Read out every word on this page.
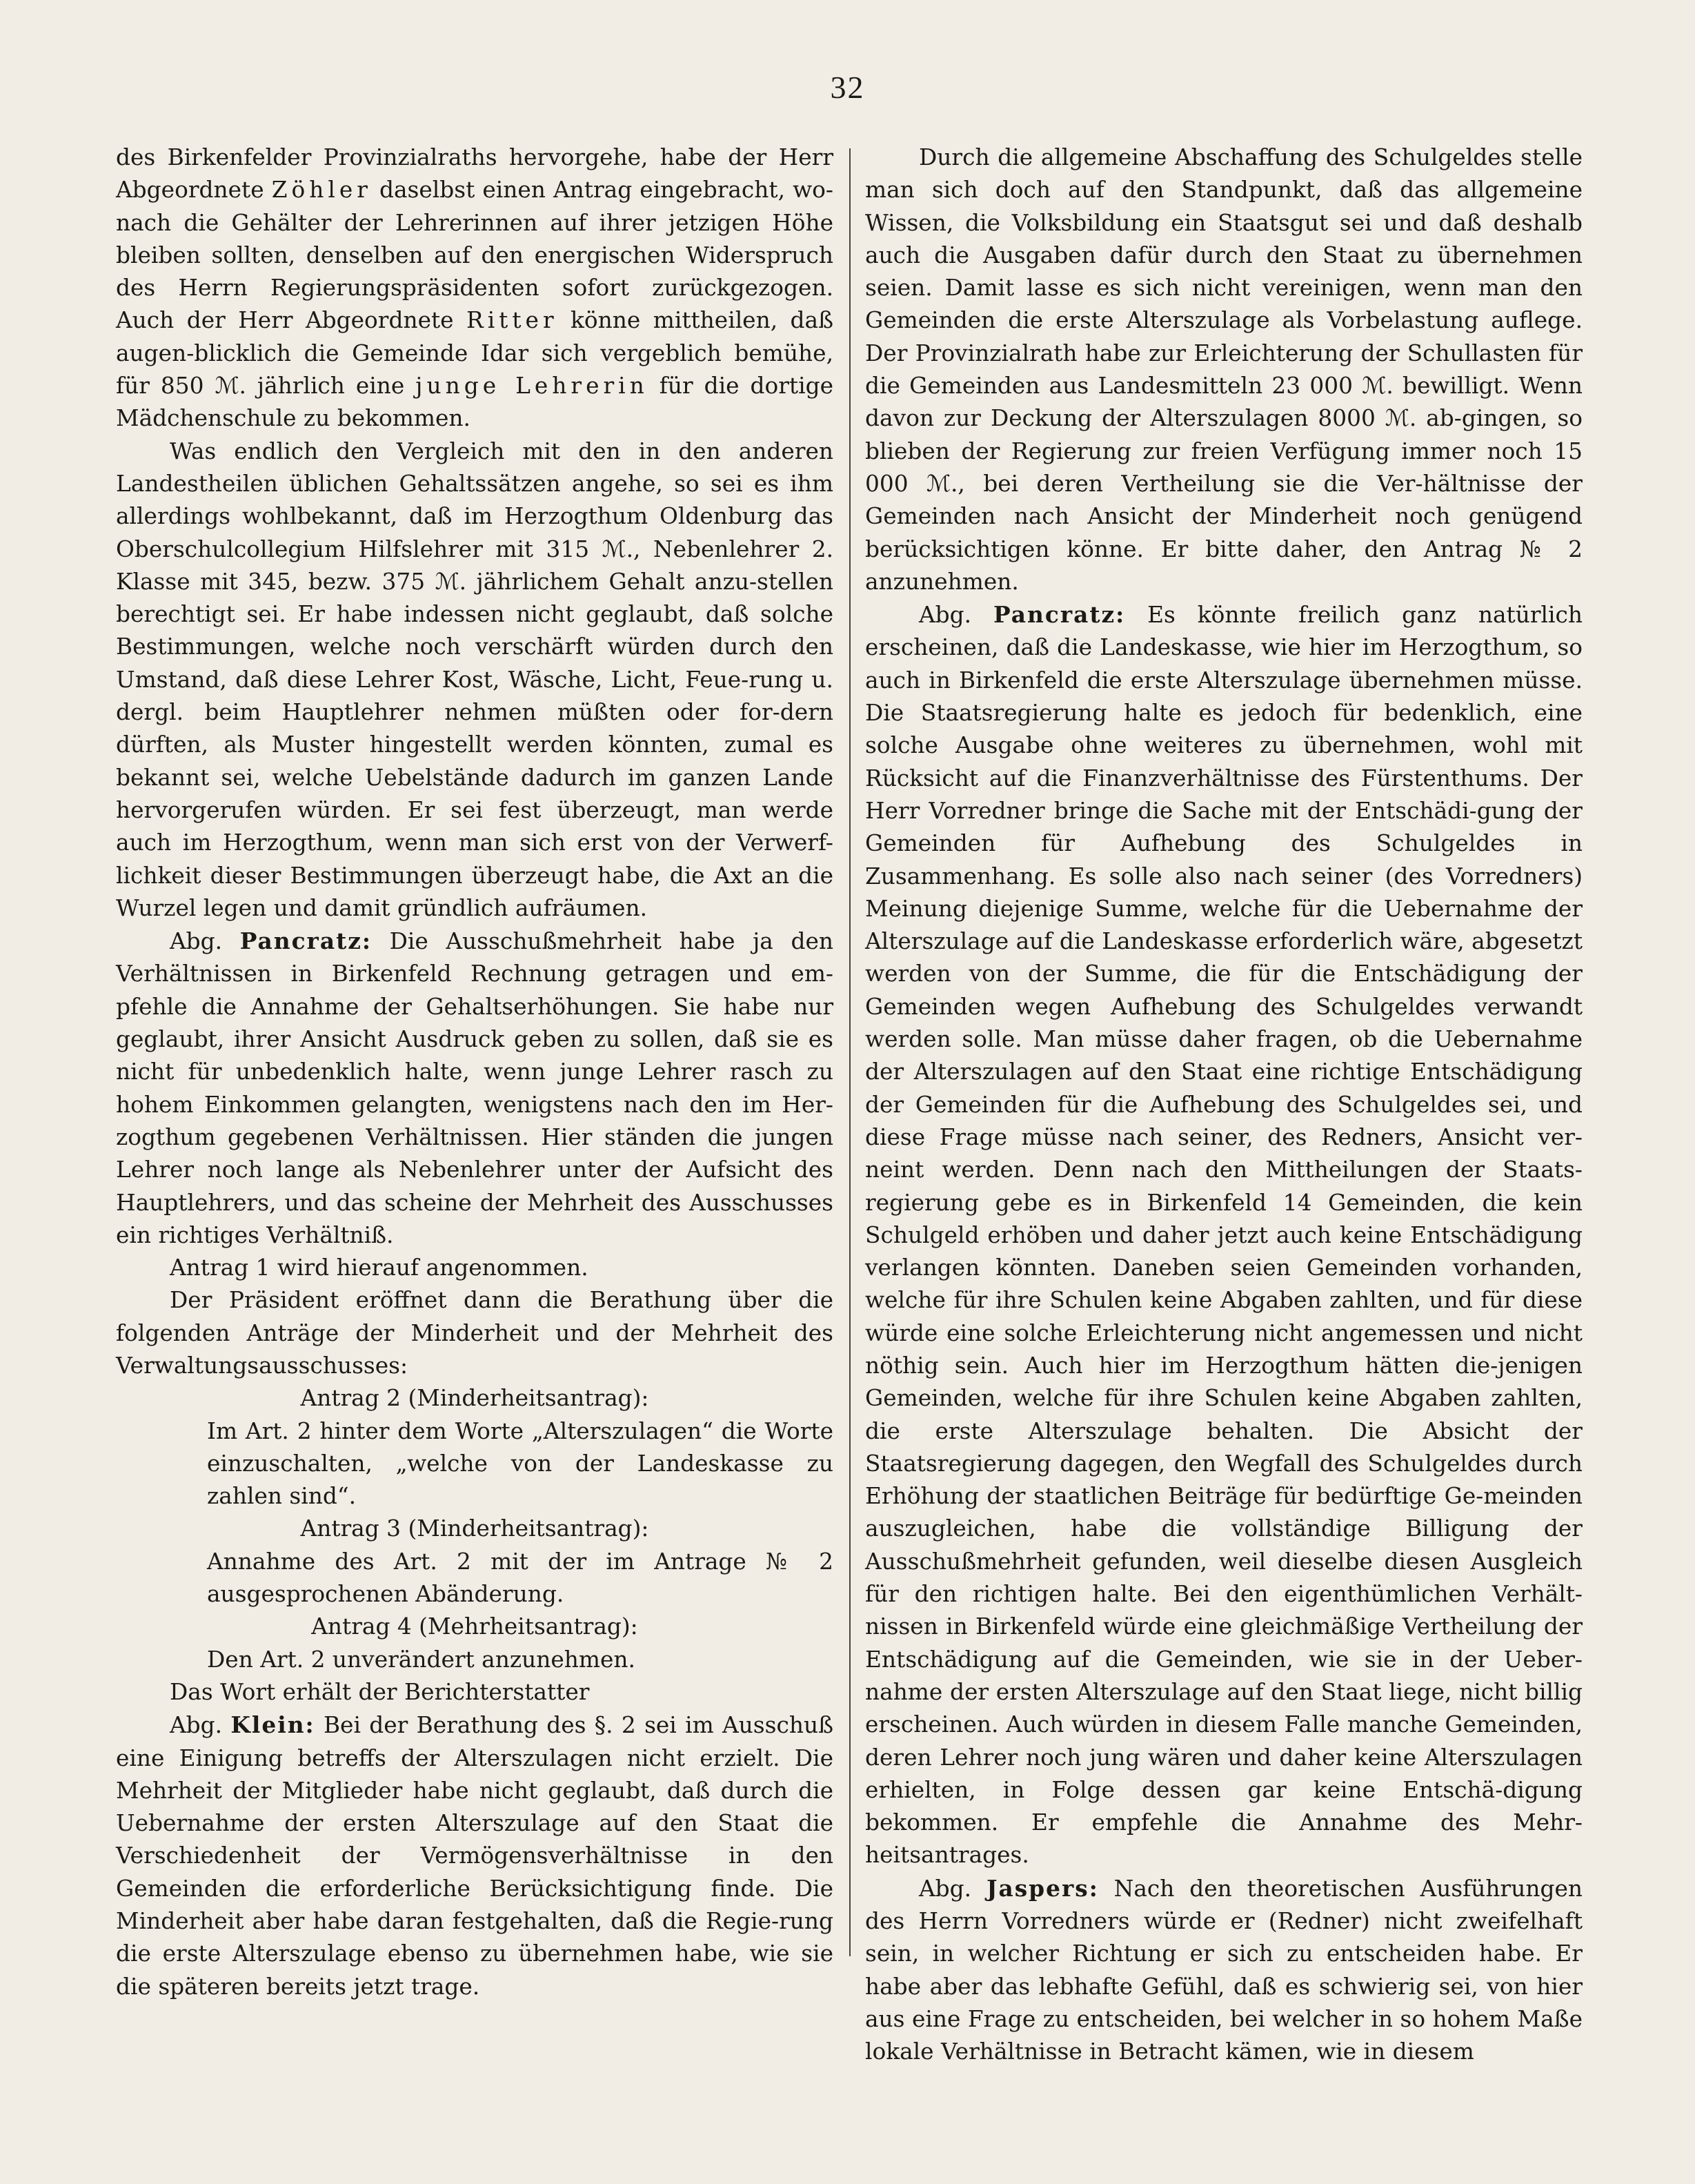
32

des Birkenfelder Provinzialraths hervorgehe, habe der Herr Abgeordnete Zöhler daselbst einen Antrag eingebracht, wo-nach die Gehälter der Lehrerinnen auf ihrer jetzigen Höhe bleiben sollten, denselben auf den energischen Widerspruch des Herrn Regierungspräsidenten sofort zurückgezogen. Auch der Herr Abgeordnete Ritter könne mittheilen, daß augen-blicklich die Gemeinde Idar sich vergeblich bemühe, für 850 ℳ. jährlich eine junge Lehrerin für die dortige Mädchenschule zu bekommen.

Was endlich den Vergleich mit den in den anderen Landestheilen üblichen Gehaltssätzen angehe, so sei es ihm allerdings wohlbekannt, daß im Herzogthum Oldenburg das Oberschulcollegium Hilfslehrer mit 315 ℳ., Nebenlehrer 2. Klasse mit 345, bezw. 375 ℳ. jährlichem Gehalt anzu-stellen berechtigt sei. Er habe indessen nicht geglaubt, daß solche Bestimmungen, welche noch verschärft würden durch den Umstand, daß diese Lehrer Kost, Wäsche, Licht, Feue-rung u. dergl. beim Hauptlehrer nehmen müßten oder for-dern dürften, als Muster hingestellt werden könnten, zumal es bekannt sei, welche Uebelstände dadurch im ganzen Lande hervorgerufen würden. Er sei fest überzeugt, man werde auch im Herzogthum, wenn man sich erst von der Verwerf-lichkeit dieser Bestimmungen überzeugt habe, die Axt an die Wurzel legen und damit gründlich aufräumen.

Abg. Pancratz: Die Ausschußmehrheit habe ja den Verhältnissen in Birkenfeld Rechnung getragen und em-pfehle die Annahme der Gehaltserhöhungen. Sie habe nur geglaubt, ihrer Ansicht Ausdruck geben zu sollen, daß sie es nicht für unbedenklich halte, wenn junge Lehrer rasch zu hohem Einkommen gelangten, wenigstens nach den im Her-zogthum gegebenen Verhältnissen. Hier ständen die jungen Lehrer noch lange als Nebenlehrer unter der Aufsicht des Hauptlehrers, und das scheine der Mehrheit des Ausschusses ein richtiges Verhältniß.

Antrag 1 wird hierauf angenommen.

Der Präsident eröffnet dann die Berathung über die folgenden Anträge der Minderheit und der Mehrheit des Verwaltungsausschusses:

Antrag 2 (Minderheitsantrag):

Im Art. 2 hinter dem Worte „Alterszulagen“ die Worte einzuschalten, „welche von der Landeskasse zu zahlen sind“.

Antrag 3 (Minderheitsantrag):

Annahme des Art. 2 mit der im Antrage № 2 ausgesprochenen Abänderung.

Antrag 4 (Mehrheitsantrag):

Den Art. 2 unverändert anzunehmen.

Das Wort erhält der Berichterstatter

Abg. Klein: Bei der Berathung des §. 2 sei im Ausschuß eine Einigung betreffs der Alterszulagen nicht erzielt. Die Mehrheit der Mitglieder habe nicht geglaubt, daß durch die Uebernahme der ersten Alterszulage auf den Staat die Verschiedenheit der Vermögensverhältnisse in den Gemeinden die erforderliche Berücksichtigung finde. Die Minderheit aber habe daran festgehalten, daß die Regie-rung die erste Alterszulage ebenso zu übernehmen habe, wie sie die späteren bereits jetzt trage.

Durch die allgemeine Abschaffung des Schulgeldes stelle man sich doch auf den Standpunkt, daß das allgemeine Wissen, die Volksbildung ein Staatsgut sei und daß deshalb auch die Ausgaben dafür durch den Staat zu übernehmen seien. Damit lasse es sich nicht vereinigen, wenn man den Gemeinden die erste Alterszulage als Vorbelastung auflege. Der Provinzialrath habe zur Erleichterung der Schullasten für die Gemeinden aus Landesmitteln 23 000 ℳ. bewilligt. Wenn davon zur Deckung der Alterszulagen 8000 ℳ. ab-gingen, so blieben der Regierung zur freien Verfügung immer noch 15 000 ℳ., bei deren Vertheilung sie die Ver-hältnisse der Gemeinden nach Ansicht der Minderheit noch genügend berücksichtigen könne. Er bitte daher, den Antrag № 2 anzunehmen.

Abg. Pancratz: Es könnte freilich ganz natürlich erscheinen, daß die Landeskasse, wie hier im Herzogthum, so auch in Birkenfeld die erste Alterszulage übernehmen müsse. Die Staatsregierung halte es jedoch für bedenklich, eine solche Ausgabe ohne weiteres zu übernehmen, wohl mit Rücksicht auf die Finanzverhältnisse des Fürstenthums. Der Herr Vorredner bringe die Sache mit der Entschädi-gung der Gemeinden für Aufhebung des Schulgeldes in Zusammenhang. Es solle also nach seiner (des Vorredners) Meinung diejenige Summe, welche für die Uebernahme der Alterszulage auf die Landeskasse erforderlich wäre, abgesetzt werden von der Summe, die für die Entschädigung der Gemeinden wegen Aufhebung des Schulgeldes verwandt werden solle. Man müsse daher fragen, ob die Uebernahme der Alterszulagen auf den Staat eine richtige Entschädigung der Gemeinden für die Aufhebung des Schulgeldes sei, und diese Frage müsse nach seiner, des Redners, Ansicht ver-neint werden. Denn nach den Mittheilungen der Staats-regierung gebe es in Birkenfeld 14 Gemeinden, die kein Schulgeld erhöben und daher jetzt auch keine Entschädigung verlangen könnten. Daneben seien Gemeinden vorhanden, welche für ihre Schulen keine Abgaben zahlten, und für diese würde eine solche Erleichterung nicht angemessen und nicht nöthig sein. Auch hier im Herzogthum hätten die-jenigen Gemeinden, welche für ihre Schulen keine Abgaben zahlten, die erste Alterszulage behalten. Die Absicht der Staatsregierung dagegen, den Wegfall des Schulgeldes durch Erhöhung der staatlichen Beiträge für bedürftige Ge-meinden auszugleichen, habe die vollständige Billigung der Ausschußmehrheit gefunden, weil dieselbe diesen Ausgleich für den richtigen halte. Bei den eigenthümlichen Verhält-nissen in Birkenfeld würde eine gleichmäßige Vertheilung der Entschädigung auf die Gemeinden, wie sie in der Ueber-nahme der ersten Alterszulage auf den Staat liege, nicht billig erscheinen. Auch würden in diesem Falle manche Gemeinden, deren Lehrer noch jung wären und daher keine Alterszulagen erhielten, in Folge dessen gar keine Entschä-digung bekommen. Er empfehle die Annahme des Mehr-heitsantrages.

Abg. Jaspers: Nach den theoretischen Ausführungen des Herrn Vorredners würde er (Redner) nicht zweifelhaft sein, in welcher Richtung er sich zu entscheiden habe. Er habe aber das lebhafte Gefühl, daß es schwierig sei, von hier aus eine Frage zu entscheiden, bei welcher in so hohem Maße lokale Verhältnisse in Betracht kämen, wie in diesem
